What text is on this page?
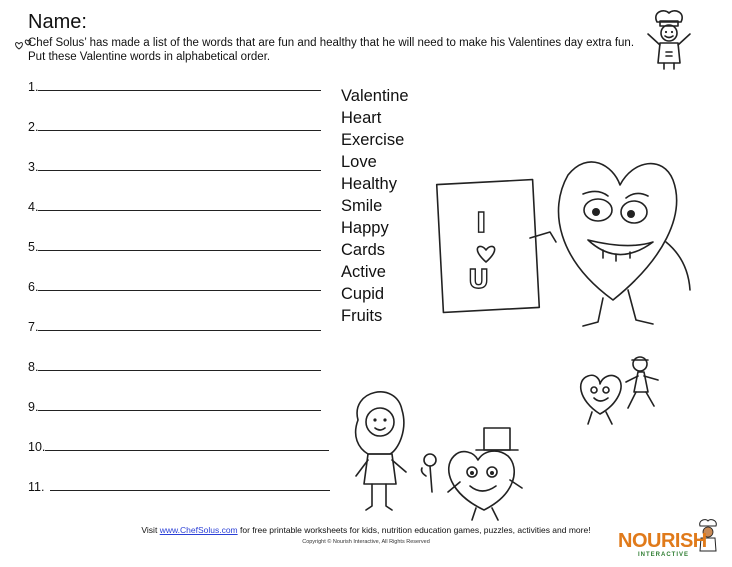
Name:
Chef Solus’ has made a list of the words that are fun and healthy that he will need to make his Valentines day extra fun.
Put these Valentine words in alphabetical order.
1.
2.
3.
4.
5.
6.
7.
8.
9.
10.
11.
Valentine
Heart
Exercise
Love
Healthy
Smile
Happy
Cards
Active
Cupid
Fruits
I
U
Visit www.ChefSolus.com for free printable worksheets for kids, nutrition education games, puzzles, activities and more!
Copyright © Nourish Interactive, All Rights Reserved	NOURISH
INTERACTIVE
